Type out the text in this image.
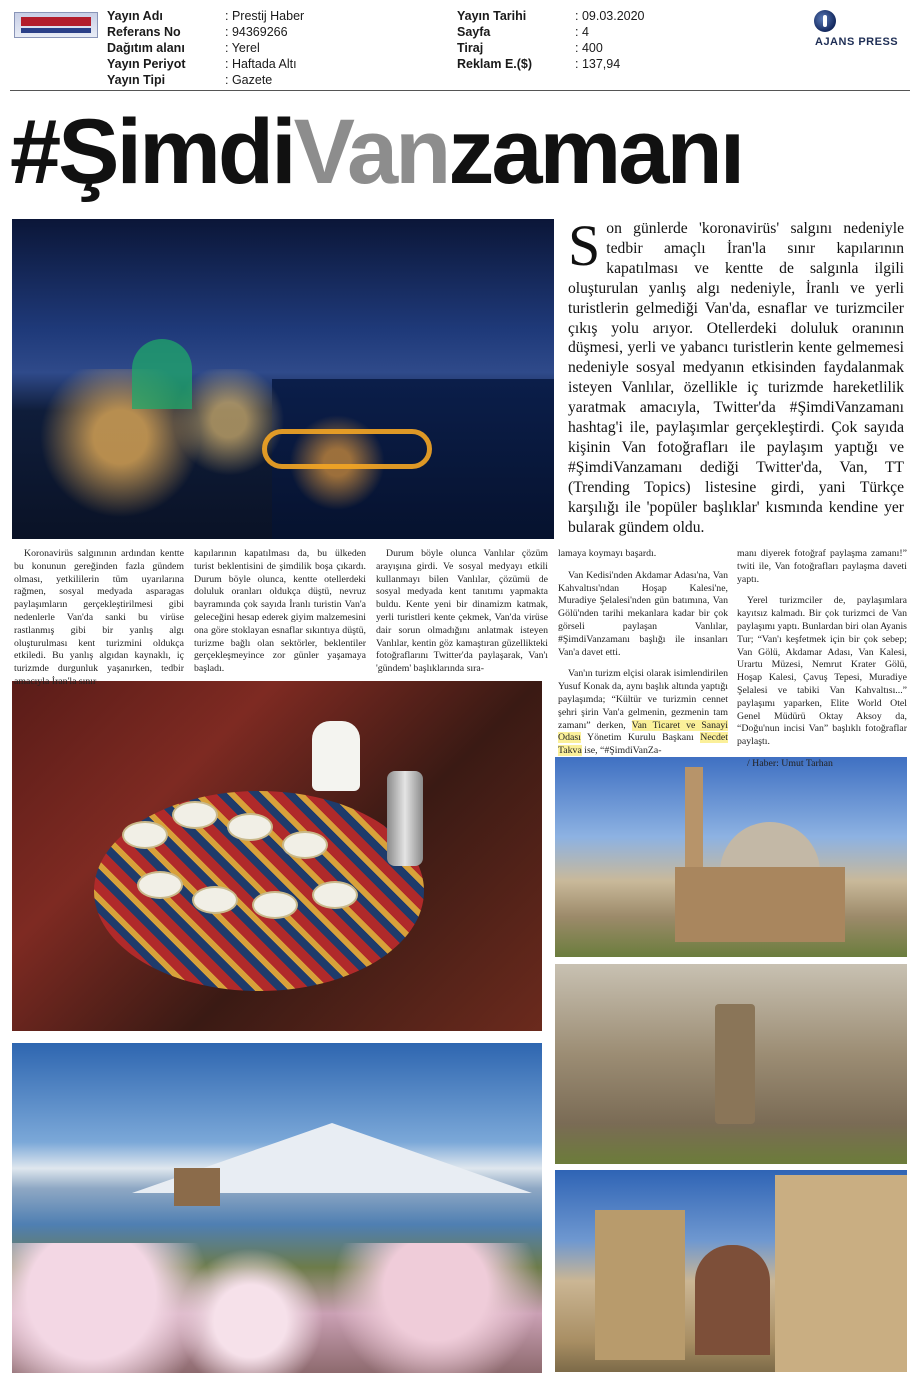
Yayın Adı	: Prestij Haber
Referans No	: 94369266
Dağıtım alanı	: Yerel
Yayın Periyot	: Haftada Altı
Yayın Tipi	: Gazete
Yayın Tarihi	: 09.03.2020
Sayfa	: 4
Tiraj	: 400
Reklam E.($)	: 137,94
AJANS PRESS
#ŞimdiVanzamanı
Son günlerde 'koronavirüs' salgını nedeniyle tedbir amaçlı İran'la sınır kapılarının kapatılması ve kentte de salgınla ilgili oluşturulan yanlış algı nedeniyle, İranlı ve yerli turistlerin gelmediği Van'da, esnaflar ve turizmciler çıkış yolu arıyor. Otellerdeki doluluk oranının düşmesi, yerli ve yabancı turistlerin kente gelmemesi nedeniyle sosyal medyanın etkisinden faydalanmak isteyen Vanlılar, özellikle iç turizmde hareketlilik yaratmak amacıyla, Twitter'da #ŞimdiVanzamanı hashtag'i ile, paylaşımlar gerçekleştirdi. Çok sayıda kişinin Van fotoğrafları ile paylaşım yaptığı ve #ŞimdiVanzamanı dediği Twitter'da, Van, TT (Trending Topics) listesine girdi, yani Türkçe karşılığı ile 'popüler başlıklar' kısmında kendine yer bularak gündem oldu.

Koronavirüs salgınının ardından kentte bu konunun gereğinden fazla gündem olması, yetkililerin tüm uyarılarına rağmen, sosyal medyada asparagas paylaşımların gerçekleştirilmesi gibi nedenlerle Van'da sanki bu virüse rastlanmış gibi bir yanlış algı oluşturulması kent turizmini oldukça etkiledi. Bu yanlış algıdan kaynaklı, iç turizmde durgunluk yaşanırken, tedbir amacıyla İran'la sınır

kapılarının kapatılması da, bu ülkeden turist beklentisini de şimdilik boşa çıkardı. Durum böyle olunca, kentte otellerdeki doluluk oranları oldukça düştü, nevruz bayramında çok sayıda İranlı turistin Van'a geleceğini hesap ederek giyim malzemesini ona göre stoklayan esnaflar sıkıntıya düştü, turizme bağlı olan sektörler, beklentiler gerçekleşmeyince zor günler yaşamaya başladı.

Durum böyle olunca Vanlılar çözüm arayışına girdi. Ve sosyal medyayı etkili kullanmayı bilen Vanlılar, çözümü de sosyal medyada kent tanıtımı yapmakta buldu. Kente yeni bir dinamizm katmak, yerli turistleri kente çekmek, Van'da virüse dair sorun olmadığını anlatmak isteyen Vanlılar, kentin göz kamaştıran güzellikteki fotoğraflarını Twitter'da paylaşarak, Van'ı 'gündem' başlıklarında sıra-

lamaya koymayı başardı.

Van Kedisi'nden Akdamar Adası'na, Van Kahvaltısı'ndan Hoşap Kalesi'ne, Muradiye Şelalesi'nden gün batımına, Van Gölü'nden tarihi mekanlara kadar bir çok görseli paylaşan Vanlılar, #ŞimdiVanzamanı başlığı ile insanları Van'a davet etti.

Van'ın turizm elçisi olarak isimlendirilen Yusuf Konak da, aynı başlık altında yaptığı paylaşımda; “Kültür ve turizmin cennet şehri şirin Van'a gelmenin, gezmenin tam zamanı” derken, Van Ticaret ve Sanayi Odası Yönetim Kurulu Başkanı Necdet Takva ise, “#ŞimdiVanZa-

manı diyerek fotoğraf paylaşma zamanı!” twiti ile, Van fotoğrafları paylaşma daveti yaptı.

Yerel turizmciler de, paylaşımlara kayıtsız kalmadı. Bir çok turizmci de Van paylaşımı yaptı. Bunlardan biri olan Ayanis Tur; “Van'ı keşfetmek için bir çok sebep; Van Gölü, Akdamar Adası, Van Kalesi, Urartu Müzesi, Nemrut Krater Gölü, Hoşap Kalesi, Çavuş Tepesi, Muradiye Şelalesi ve tabiki Van Kahvaltısı...” paylaşımı yaparken, Elite World Otel Genel Müdürü Oktay Aksoy da, “Doğu'nun incisi Van” başlıklı fotoğraflar paylaştı.

/ Haber: Umut Tarhan
